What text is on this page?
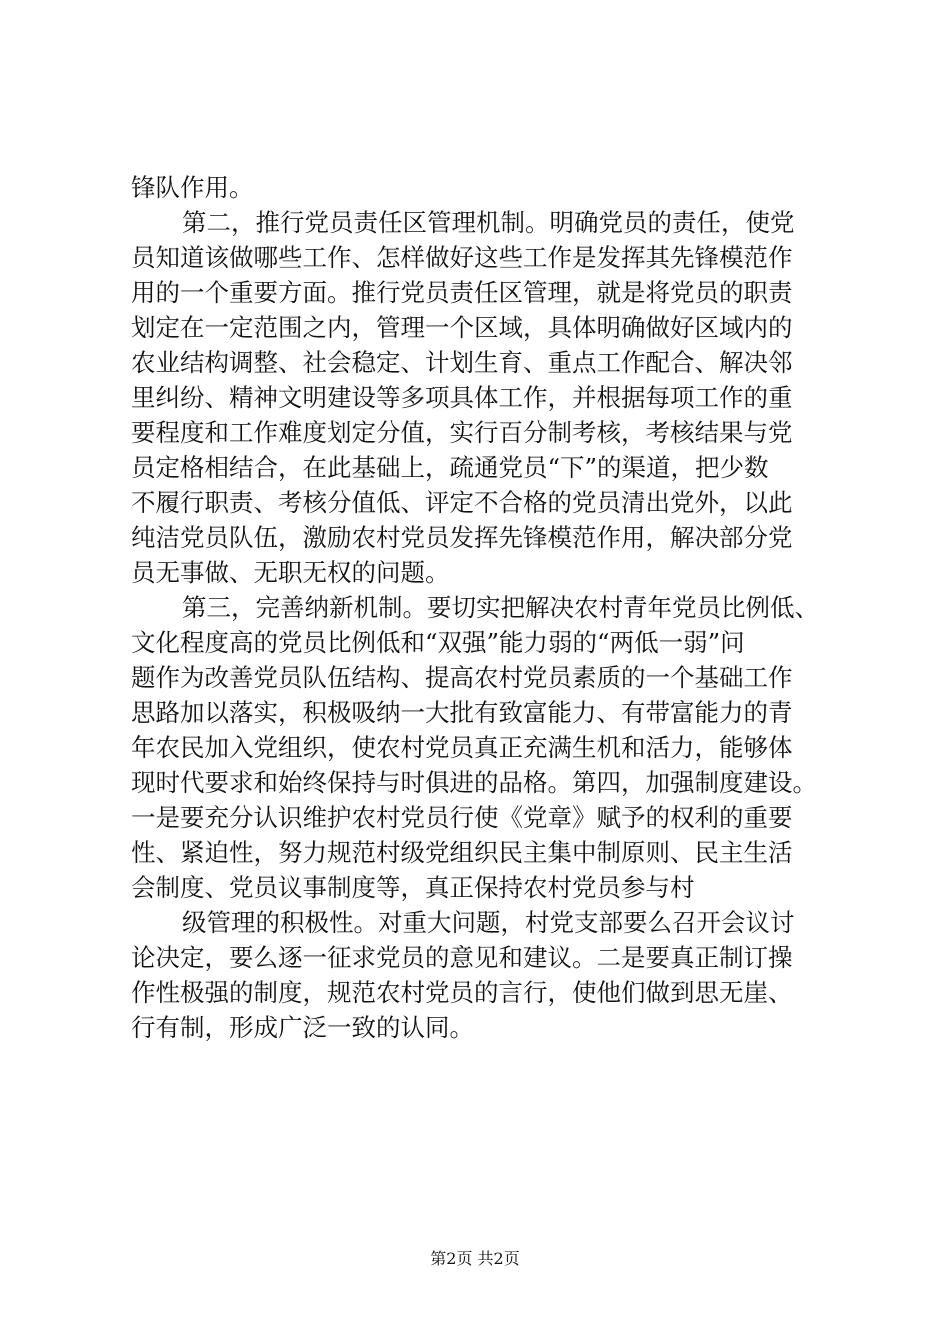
锋队作用。
第二，推行党员责任区管理机制。明确党员的责任，使党
员知道该做哪些工作、怎样做好这些工作是发挥其先锋模范作
用的一个重要方面。推行党员责任区管理，就是将党员的职责
划定在一定范围之内，管理一个区域，具体明确做好区域内的
农业结构调整、社会稳定、计划生育、重点工作配合、解决邻
里纠纷、精神文明建设等多项具体工作，并根据每项工作的重
要程度和工作难度划定分值，实行百分制考核，考核结果与党
员定格相结合，在此基础上，疏通党员“下”的渠道，把少数
不履行职责、考核分值低、评定不合格的党员清出党外，以此
纯洁党员队伍，激励农村党员发挥先锋模范作用，解决部分党
员无事做、无职无权的问题。
第三，完善纳新机制。要切实把解决农村青年党员比例低、
文化程度高的党员比例低和“双强”能力弱的“两低一弱”问
题作为改善党员队伍结构、提高农村党员素质的一个基础工作
思路加以落实，积极吸纳一大批有致富能力、有带富能力的青
年农民加入党组织，使农村党员真正充满生机和活力，能够体
现时代要求和始终保持与时俱进的品格。第四，加强制度建设。
一是要充分认识维护农村党员行使《党章》赋予的权利的重要
性、紧迫性，努力规范村级党组织民主集中制原则、民主生活
会制度、党员议事制度等，真正保持农村党员参与村
级管理的积极性。对重大问题，村党支部要么召开会议讨
论决定，要么逐一征求党员的意见和建议。二是要真正制订操
作性极强的制度，规范农村党员的言行，使他们做到思无崖、
行有制，形成广泛一致的认同。
第2页 共2页
